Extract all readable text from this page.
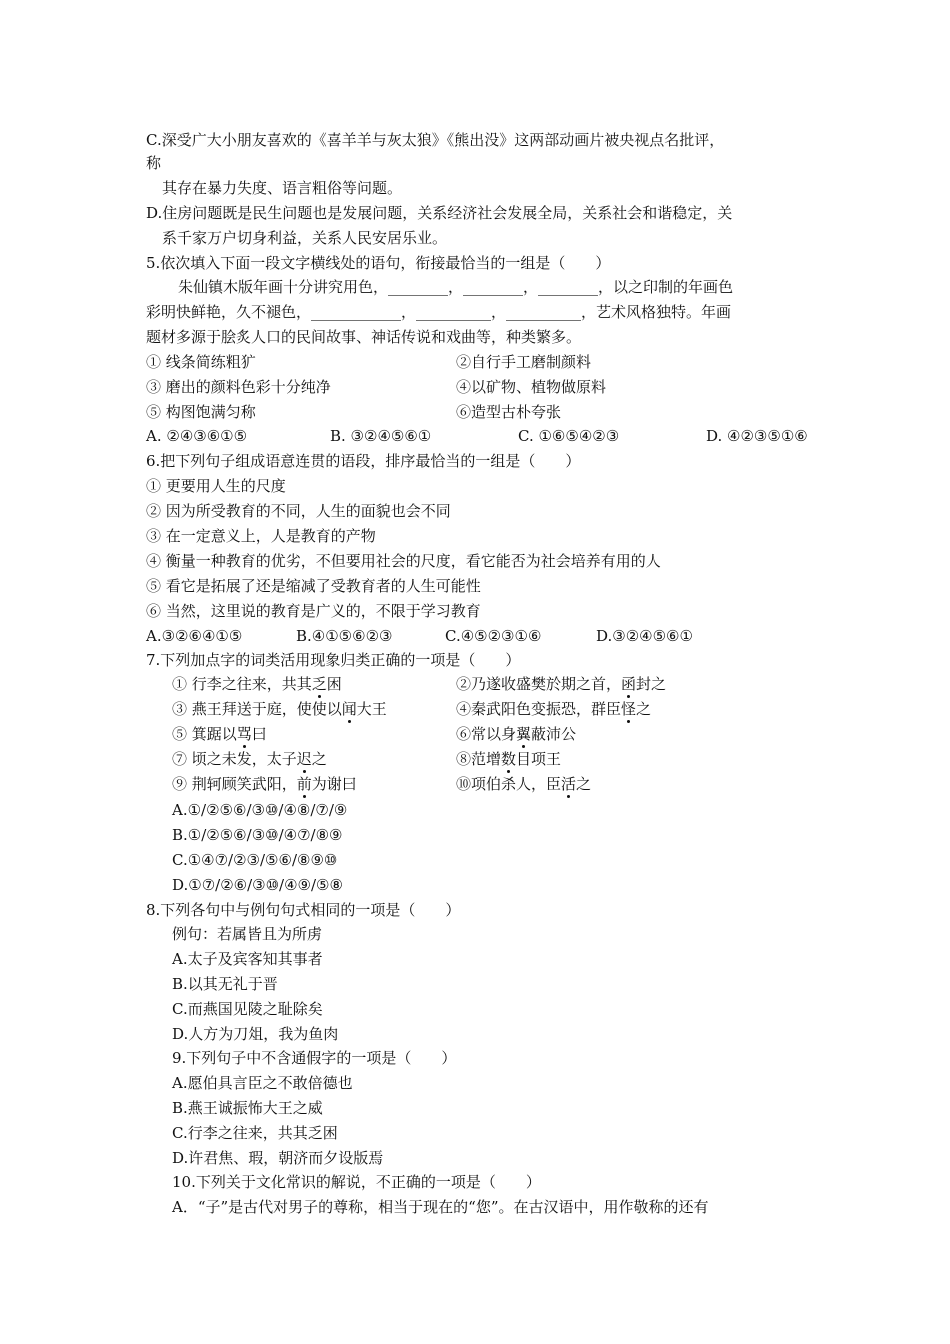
C.深受广大小朋友喜欢的《喜羊羊与灰太狼》《熊出没》这两部动画片被央视点名批评，
称
其存在暴力失度、语言粗俗等问题。
D.住房问题既是民生问题也是发展问题，关系经济社会发展全局，关系社会和谐稳定，关
系千家万户切身利益，关系人民安居乐业。
5.依次填入下面一段文字横线处的语句，衔接最恰当的一组是（　　）
朱仙镇木版年画十分讲究用色，________，________，________，以之印制的年画色
彩明快鲜艳，久不褪色，____________，__________，__________，艺术风格独特。年画
题材多源于脍炙人口的民间故事、神话传说和戏曲等，种类繁多。
① 线条简练粗犷	②自行手工磨制颜料
③ 磨出的颜料色彩十分纯净	④以矿物、植物做原料
⑤ 构图饱满匀称	⑥造型古朴夸张
A. ②④③⑥①⑤	B. ③②④⑤⑥①	C. ①⑥⑤④②③	D. ④②③⑤①⑥
6.把下列句子组成语意连贯的语段，排序最恰当的一组是（　　）
① 更要用人生的尺度
② 因为所受教育的不同，人生的面貌也会不同
③ 在一定意义上，人是教育的产物
④ 衡量一种教育的优劣，不但要用社会的尺度，看它能否为社会培养有用的人
⑤ 看它是拓展了还是缩减了受教育者的人生可能性
⑥ 当然，这里说的教育是广义的，不限于学习教育
A.③②⑥④①⑤	B.④①⑤⑥②③	C.④⑤②③①⑥	D.③②④⑤⑥①
7.下列加点字的词类活用现象归类正确的一项是（　　）
① 行李之往来，共其乏困	②乃遂收盛樊於期之首，函封之
③ 燕王拜送于庭，使使以闻大王	④秦武阳色变振恐，群臣怪之
⑤ 箕踞以骂曰	⑥常以身翼蔽沛公
⑦ 顷之未发，太子迟之	⑧范增数目项王
⑨ 荆轲顾笑武阳，前为谢曰	⑩项伯杀人，臣活之
A.①/②⑤⑥/③⑩/④⑧/⑦/⑨
B.①/②⑤⑥/③⑩/④⑦/⑧⑨
C.①④⑦/②③/⑤⑥/⑧⑨⑩
D.①⑦/②⑥/③⑩/④⑨/⑤⑧
8.下列各句中与例句句式相同的一项是（　　）
例句：若属皆且为所虏
A.太子及宾客知其事者
B.以其无礼于晋
C.而燕国见陵之耻除矣
D.人方为刀俎，我为鱼肉
9.下列句子中不含通假字的一项是（　　）
A.愿伯具言臣之不敢倍德也
B.燕王诚振怖大王之威
C.行李之往来，共其乏困
D.许君焦、瑕，朝济而夕设版焉
10.下列关于文化常识的解说，不正确的一项是（　　）
A．“子”是古代对男子的尊称，相当于现在的“您”。在古汉语中，用作敬称的还有
